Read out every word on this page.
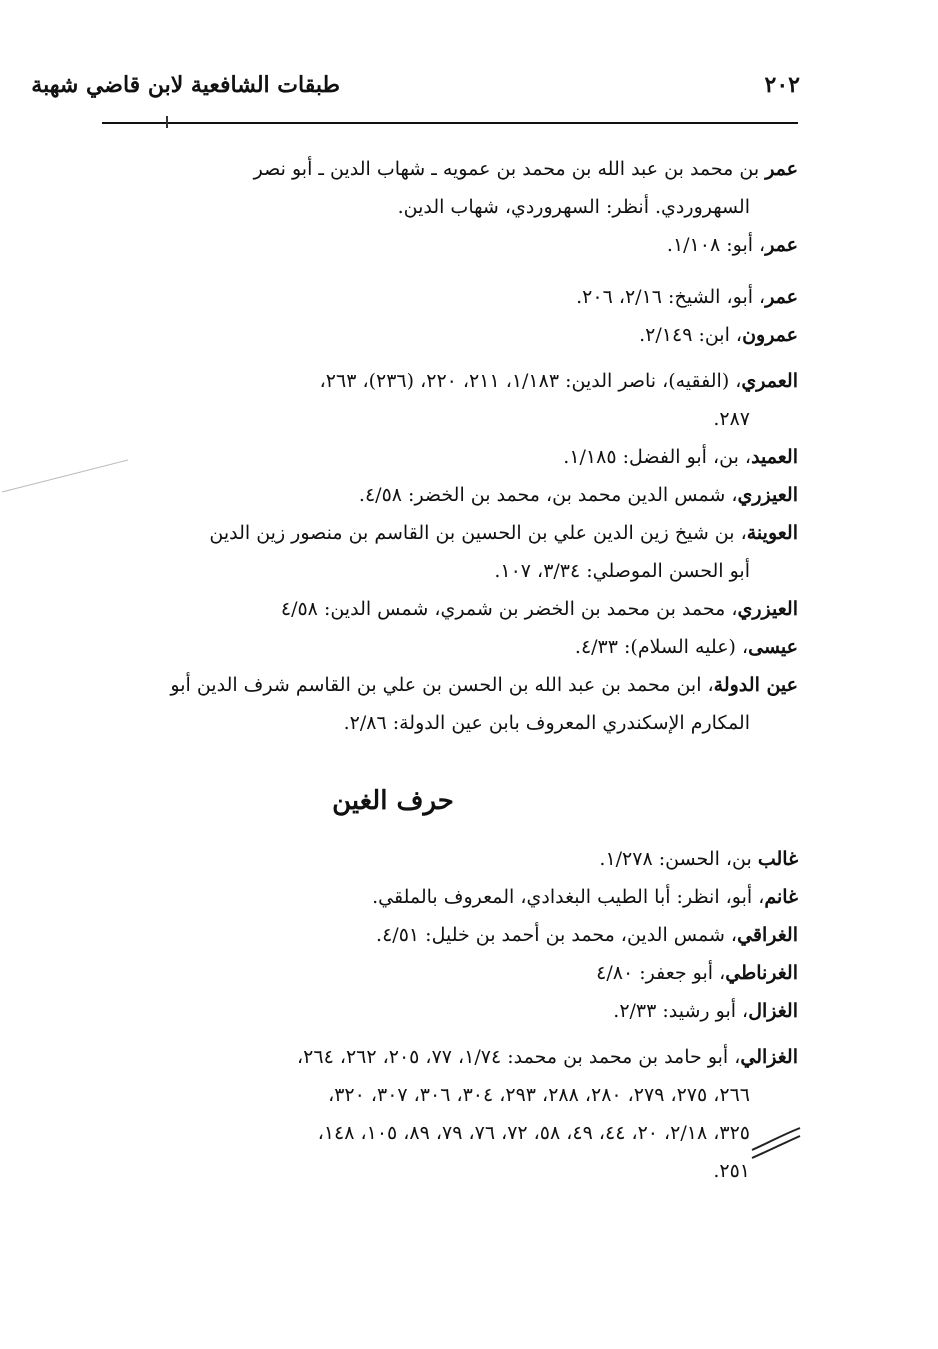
٢٠٢
طبقات الشافعية لابن قاضي شهبة

عمر بن محمد بن عبد الله بن محمد بن عمويه ـ شهاب الدين ـ أبو نصر
السهروردي. أنظر: السهروردي، شهاب الدين.

عمر، أبو: ١/١٠٨.

عمر، أبو، الشيخ: ٢/١٦، ٢٠٦.

عمرون، ابن: ٢/١٤٩.

العمري، (الفقيه)، ناصر الدين: ١/١٨٣، ٢١١، ٢٢٠، (٢٣٦)، ٢٦٣،
٢٨٧.

العميد، بن، أبو الفضل: ١/١٨٥.

العيزري، شمس الدين محمد بن، محمد بن الخضر: ٤/٥٨.

العوينة، بن شيخ زين الدين علي بن الحسين بن القاسم بن منصور زين الدين
أبو الحسن الموصلي: ٣/٣٤، ١٠٧.

العيزري، محمد بن محمد بن الخضر بن شمري، شمس الدين: ٤/٥٨

عيسى، (عليه السلام): ٤/٣٣.

عين الدولة، ابن محمد بن عبد الله بن الحسن بن علي بن القاسم شرف الدين أبو
المكارم الإسكندري المعروف بابن عين الدولة: ٢/٨٦.

حرف الغين

غالب بن، الحسن: ١/٢٧٨.

غانم، أبو، انظر: أبا الطيب البغدادي، المعروف بالملقي.

الغراقي، شمس الدين، محمد بن أحمد بن خليل: ٤/٥١.

الغرناطي، أبو جعفر: ٤/٨٠

الغزال، أبو رشيد: ٢/٣٣.

الغزالي، أبو حامد بن محمد بن محمد: ١/٧٤، ٧٧، ٢٠٥، ٢٦٢، ٢٦٤،
٢٦٦، ٢٧٥، ٢٧٩، ٢٨٠، ٢٨٨، ٢٩٣، ٣٠٤، ٣٠٦، ٣٠٧، ٣٢٠،
٣٢٥، ٢/١٨، ٢٠، ٤٤، ٤٩، ٥٨، ٧٢، ٧٦، ٧٩، ٨٩، ١٠٥، ١٤٨،
٢٥١.
